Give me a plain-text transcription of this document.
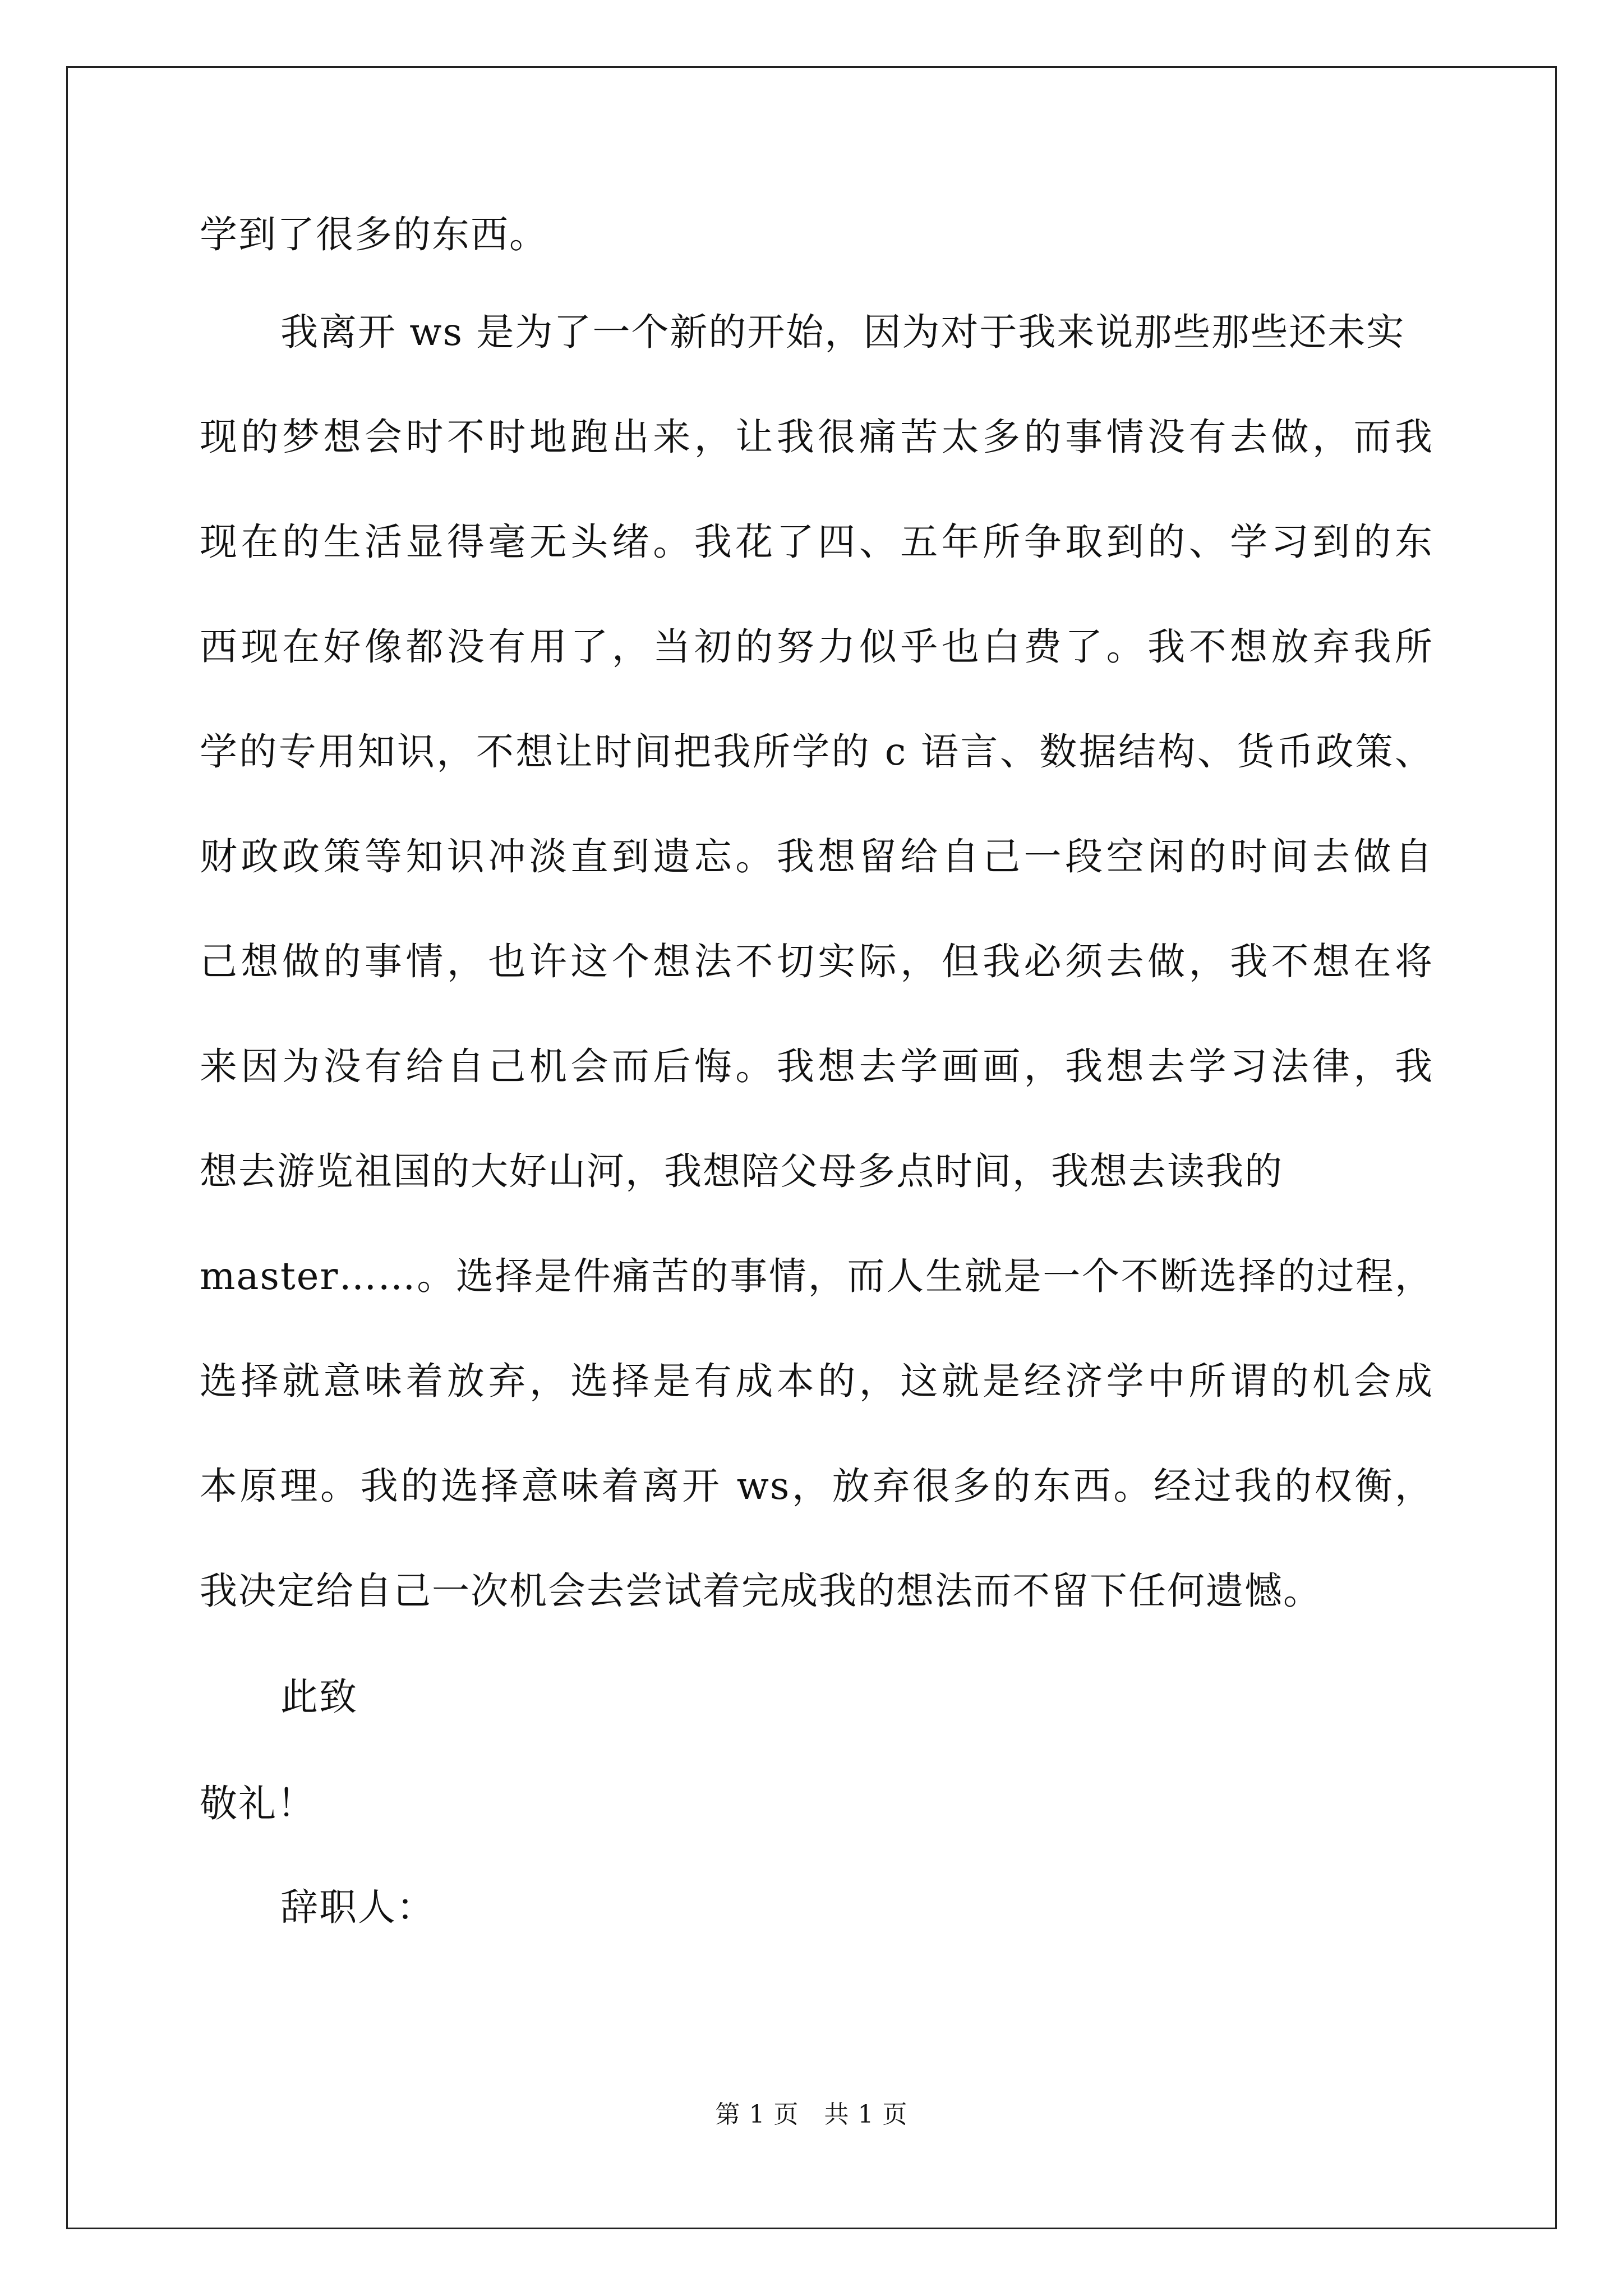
学到了很多的东西。

我离开 ws 是为了一个新的开始，因为对于我来说那些那些还未实

现的梦想会时不时地跑出来，让我很痛苦太多的事情没有去做，而我

现在的生活显得毫无头绪。我花了四、五年所争取到的、学习到的东

西现在好像都没有用了，当初的努力似乎也白费了。我不想放弃我所

学的专用知识，不想让时间把我所学的 c 语言、数据结构、货币政策、

财政政策等知识冲淡直到遗忘。我想留给自己一段空闲的时间去做自

己想做的事情，也许这个想法不切实际，但我必须去做，我不想在将

来因为没有给自己机会而后悔。我想去学画画，我想去学习法律，我

想去游览祖国的大好山河，我想陪父母多点时间，我想去读我的

master……。选择是件痛苦的事情，而人生就是一个不断选择的过程，

选择就意味着放弃，选择是有成本的，这就是经济学中所谓的机会成

本原理。我的选择意味着离开 ws，放弃很多的东西。经过我的权衡，

我决定给自己一次机会去尝试着完成我的想法而不留下任何遗憾。

此致

敬礼！

辞职人：

第 1 页　共 1 页
